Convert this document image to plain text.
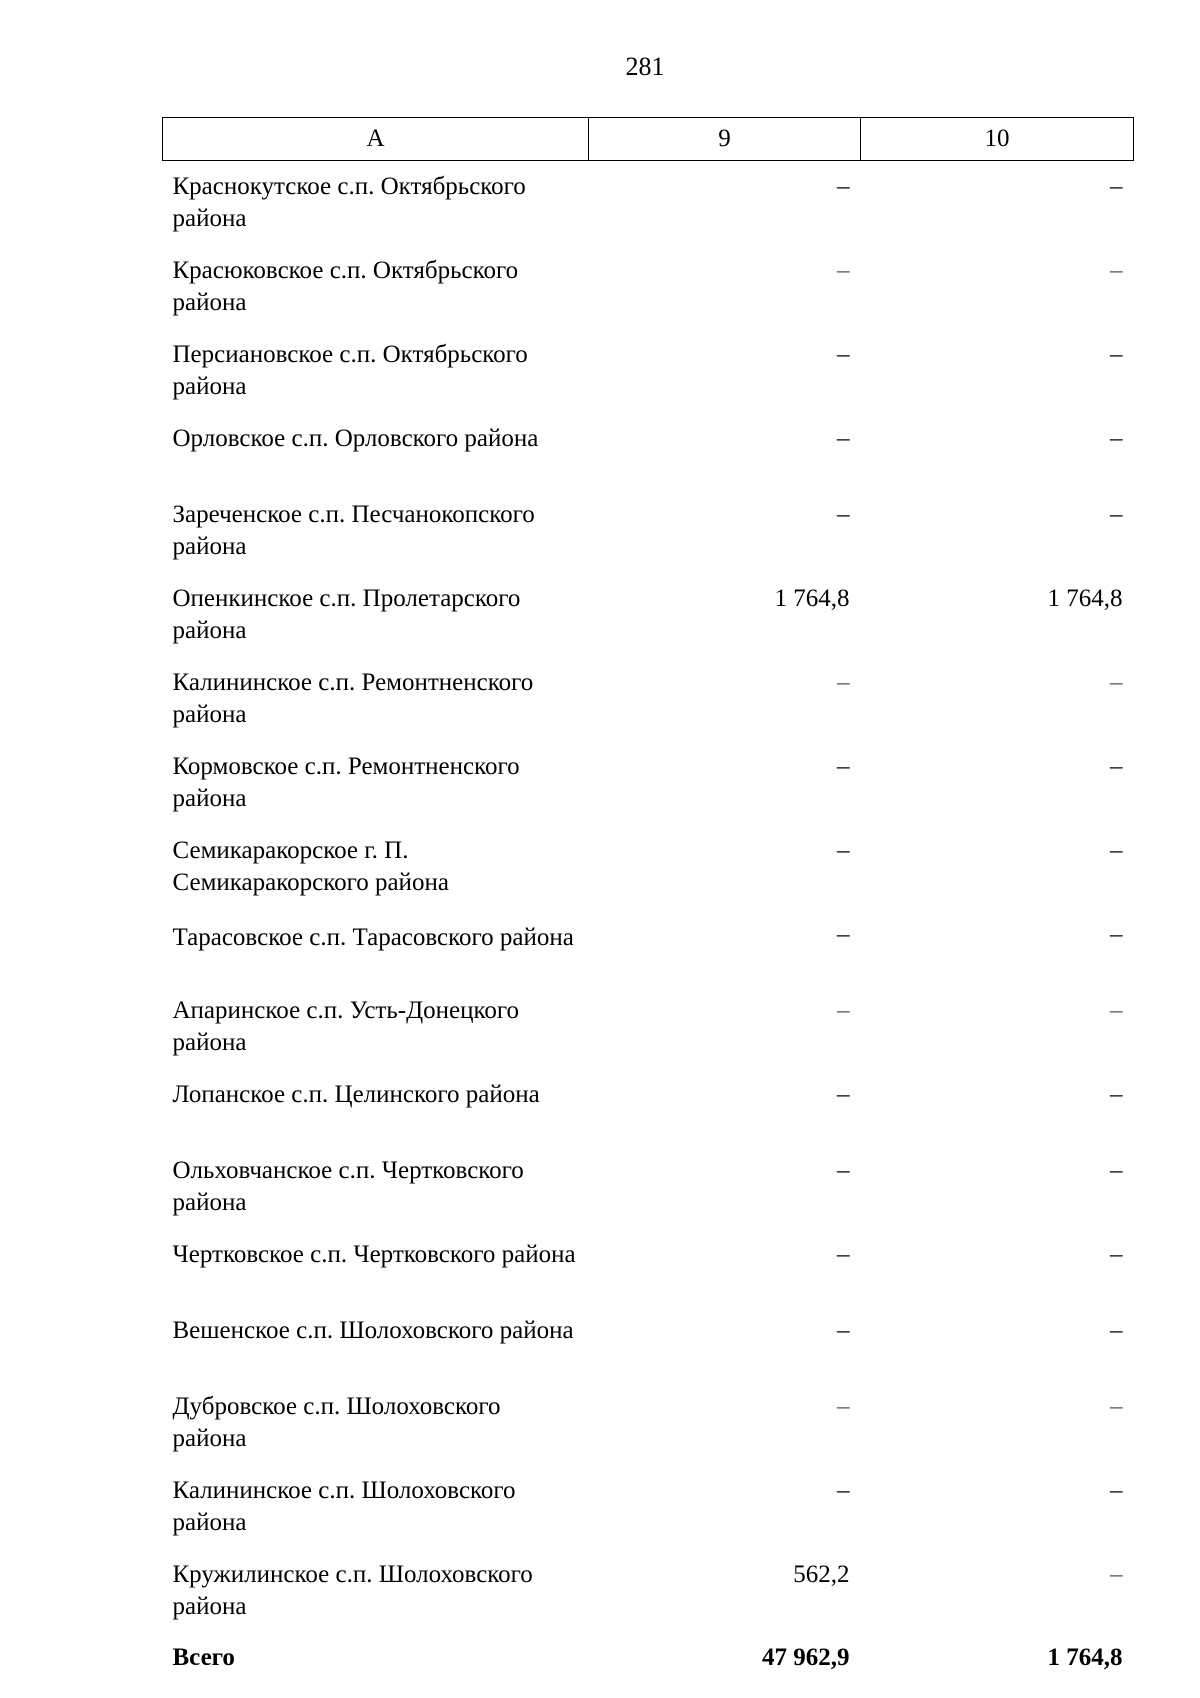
281
А	9	10
Краснокутское с.п. Октябрьского района	–	–
Красюковское с.п. Октябрьского района	–	–
Персиановское с.п. Октябрьского района	–	–
Орловское с.п. Орловского района	–	–
Зареченское с.п. Песчанокопского района	–	–
Опенкинское с.п. Пролетарского района	1 764,8	1 764,8
Калининское с.п. Ремонтненского района	–	–
Кормовское с.п. Ремонтненского района	–	–
Семикаракорское г. П. Семикаракорского района	–	–
Тарасовское с.п. Тарасовского района	–	–
Апаринское с.п. Усть-Донецкого района	–	–
Лопанское с.п. Целинского района	–	–
Ольховчанское с.п. Чертковского района	–	–
Чертковское с.п. Чертковского района	–	–
Вешенское с.п. Шолоховского района	–	–
Дубровское с.п. Шолоховского района	–	–
Калининское с.п. Шолоховского района	–	–
Кружилинское с.п. Шолоховского района	562,2	–
Всего	47 962,9	1 764,8
